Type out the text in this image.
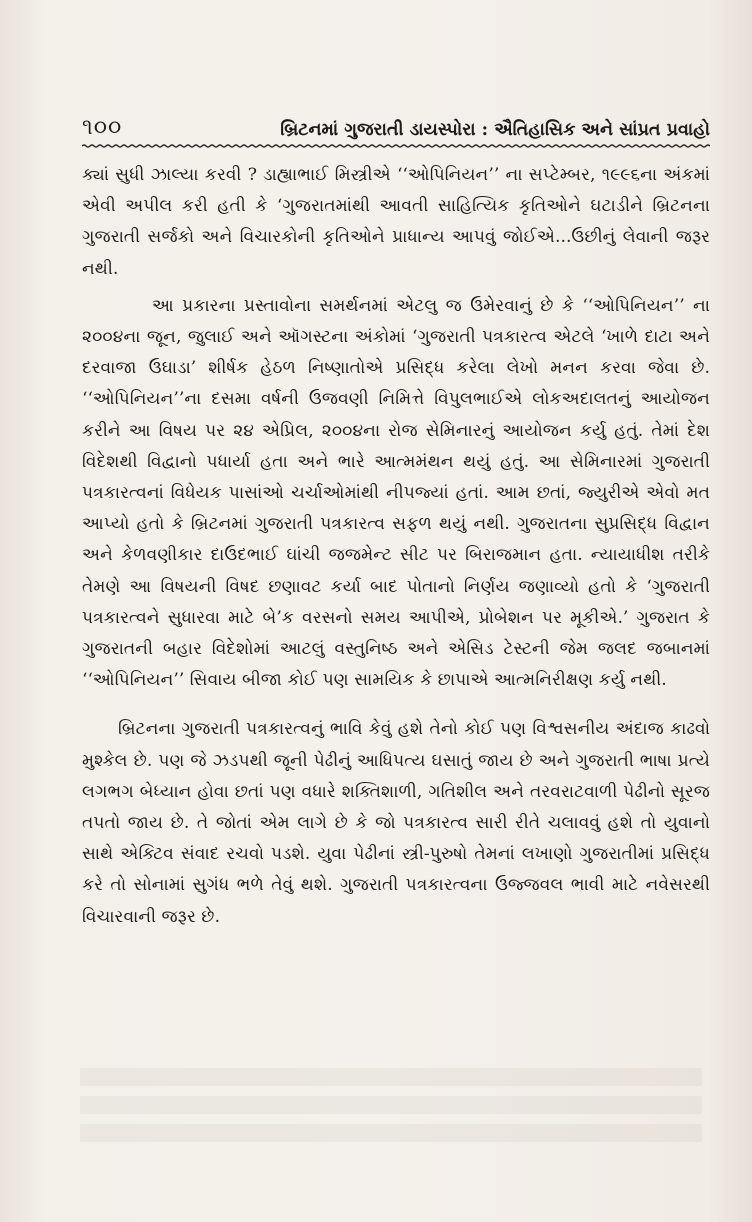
૧૦૦	બ્રિટનમાં ગુજરાતી ડાયસ્પોરા : ઐતિહાસિક અને સાંપ્રત પ્રવાહો

ક્યાં સુધી ઝાલ્યા કરવી ? ડાહ્યાભાઈ મિસ્ત્રીએ ‘‘ઓપિનિયન’’ ના સપ્ટેમ્બર, ૧૯૯૬ના અંકમાં એવી અપીલ કરી હતી કે ‘ગુજરાતમાંથી આવતી સાહિત્યિક કૃતિઓને ઘટાડીને બ્રિટનના ગુજરાતી સર્જકો અને વિચારકોની કૃતિઓને પ્રાધાન્ય આપવું જોઈએ...ઉછીનું લેવાની જરૂર નથી.

આ પ્રકારના પ્રસ્તાવોના સમર્થનમાં એટલુ જ ઉમેરવાનું છે કે ‘‘ઓપિનિયન’’ ના ૨૦૦૪ના જૂન, જુલાઈ અને ઑગસ્ટના અંકોમાં ‘ગુજરાતી પત્રકારત્વ એટલે ‘ખાળે દાટા અને દરવાજા ઉઘાડા’ શીર્ષક હેઠળ નિષ્ણાતોએ પ્રસિદ્ધ કરેલા લેખો મનન કરવા જેવા છે. ‘‘ઓપિનિયન’’ના દસમા વર્ષની ઉજવણી નિમિત્તે વિપુલભાઈએ લોકઅદાલતનું આયોજન કરીને આ વિષય પર ૨૪ એપ્રિલ, ૨૦૦૪ના રોજ સેમિનારનું આયોજન કર્યુ હતું. તેમાં દેશ વિદેશથી વિદ્વાનો પધાર્યા હતા અને ભારે આત્મમંથન થયું હતું. આ સેમિનારમાં ગુજરાતી પત્રકારત્વનાં વિધેયક પાસાંઓ ચર્ચાઓમાંથી નીપજ્યાં હતાં. આમ છતાં, જ્યુરીએ એવો મત આપ્યો હતો કે બ્રિટનમાં ગુજરાતી પત્રકારત્વ સફળ થયું નથી. ગુજરાતના સુપ્રસિદ્ધ વિદ્વાન અને કેળવણીકાર દાઉદભાઈ ઘાંચી જજમેન્ટ સીટ પર બિરાજમાન હતા. ન્યાયાધીશ તરીકે તેમણે આ વિષયની વિષદ છણાવટ કર્યા બાદ પોતાનો નિર્ણય જણાવ્યો હતો કે ‘ગુજરાતી પત્રકારત્વને સુધારવા માટે બે’ક વરસનો સમય આપીએ, પ્રોબેશન પર મૂકીએ.’ ગુજરાત કે ગુજરાતની બહાર વિદેશોમાં આટલું વસ્તુનિષ્ઠ અને એસિડ ટેસ્ટની જેમ જલદ જબાનમાં ‘‘ઓપિનિયન’’ સિવાય બીજા કોઈ પણ સામયિક કે છાપાએ આત્મનિરીક્ષણ કર્યુ નથી.

બ્રિટનના ગુજરાતી પત્રકારત્વનું ભાવિ કેવું હશે તેનો કોઈ પણ વિશ્વસનીય અંદાજ કાઢવો મુશ્કેલ છે. પણ જે ઝડપથી જૂની પેઢીનું આધિપત્ય ઘસાતું જાય છે અને ગુજરાતી ભાષા પ્રત્યે લગભગ બેધ્યાન હોવા છતાં પણ વધારે શક્તિશાળી, ગતિશીલ અને તરવરાટવાળી પેઢીનો સૂરજ તપતો જાય છે. તે જોતાં એમ લાગે છે કે જો પત્રકારત્વ સારી રીતે ચલાવવું હશે તો યુવાનો સાથે એક્ટિવ સંવાદ રચવો પડશે. યુવા પેઢીનાં સ્ત્રી-પુરુષો તેમનાં લખાણો ગુજરાતીમાં પ્રસિદ્ધ કરે તો સોનામાં સુગંધ ભળે તેવું થશે. ગુજરાતી પત્રકારત્વના ઉજ્જવલ ભાવી માટે નવેસરથી વિચારવાની જરૂર છે.
